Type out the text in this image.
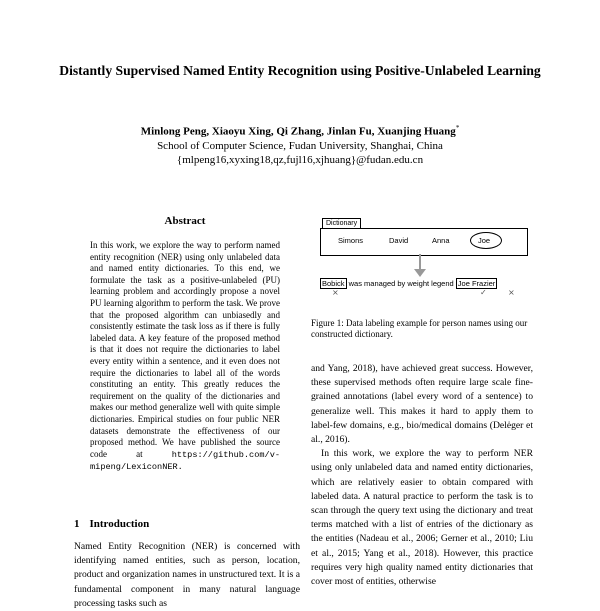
Distantly Supervised Named Entity Recognition using Positive-Unlabeled Learning
Minlong Peng, Xiaoyu Xing, Qi Zhang, Jinlan Fu, Xuanjing Huang*
School of Computer Science, Fudan University, Shanghai, China
{mlpeng16,xyxing18,qz,fujl16,xjhuang}@fudan.edu.cn
Abstract

In this work, we explore the way to perform named entity recognition (NER) using only unlabeled data and named entity dictionaries. To this end, we formulate the task as a positive-unlabeled (PU) learning problem and accordingly propose a novel PU learning algorithm to perform the task. We prove that the proposed algorithm can unbiasedly and consistently estimate the task loss as if there is fully labeled data. A key feature of the proposed method is that it does not require the dictionaries to label every entity within a sentence, and it even does not require the dictionaries to label all of the words constituting an entity. This greatly reduces the requirement on the quality of the dictionaries and makes our method generalize well with quite simple dictionaries. Empirical studies on four public NER datasets demonstrate the effectiveness of our proposed method. We have published the source code at	https://github.com/v-mipeng/LexiconNER.

1 Introduction

Named Entity Recognition (NER) is concerned with identifying named entities, such as person, location, product and organization names in unstructured text. It is a fundamental component in many natural language processing tasks such as

Dictionary
Simons	David	Anna	Joe
Bobick was managed by weight legend Joe Frazier
×	✓	×
Figure 1: Data labeling example for person names using our constructed dictionary.

and Yang, 2018), have achieved great success. However, these supervised methods often require large scale fine-grained annotations (label every word of a sentence) to generalize well. This makes it hard to apply them to label-few domains, e.g., bio/medical domains (Delėger et al., 2016).

In this work, we explore the way to perform NER using only unlabeled data and named entity dictionaries, which are relatively easier to obtain compared with labeled data. A natural practice to perform the task is to scan through the query text using the dictionary and treat terms matched with a list of entries of the dictionary as the entities (Nadeau et al., 2006; Gerner et al., 2010; Liu et al., 2015; Yang et al., 2018). However, this practice requires very high quality named entity dictionaries that cover most of entities, otherwise
